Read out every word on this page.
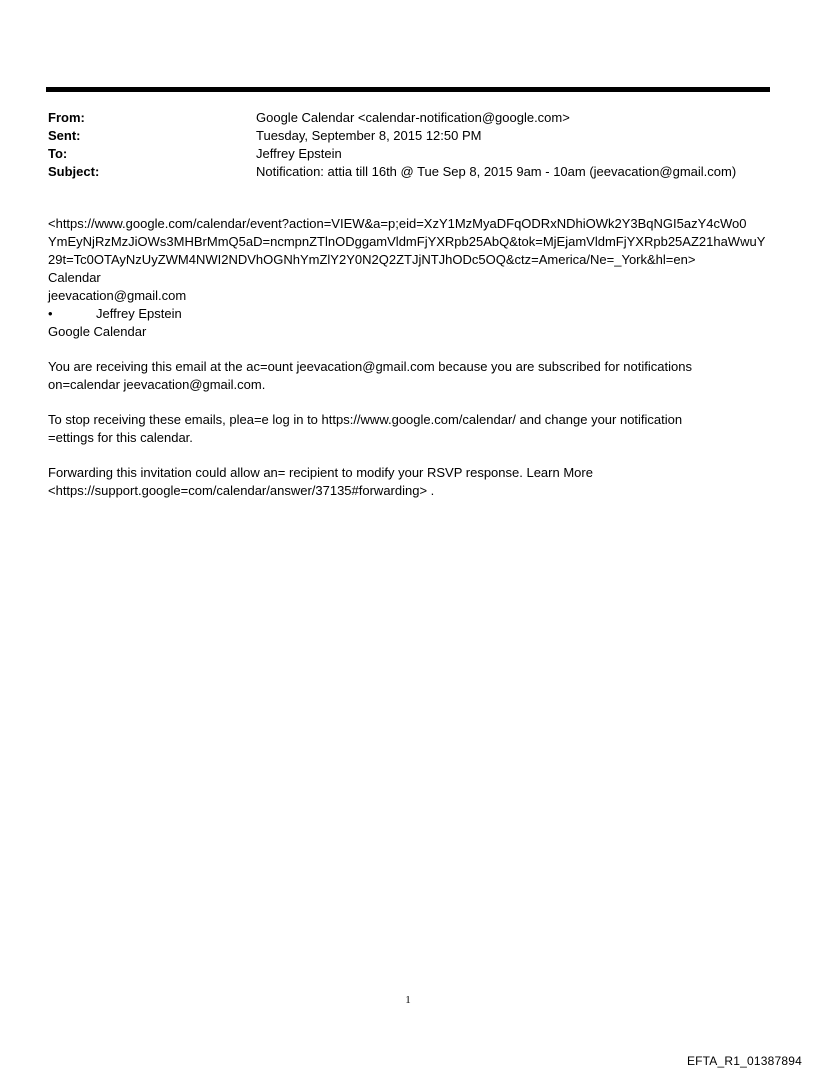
From:	Google Calendar <calendar-notification@google.com>
Sent:	Tuesday, September 8, 2015 12:50 PM
To:	Jeffrey Epstein
Subject:	Notification: attia till 16th @ Tue Sep 8, 2015 9am - 10am (jeevacation@gmail.com)

<https://www.google.com/calendar/event?action=VIEW&a=p;eid=XzY1MzMyaDFqODRxNDhiOWk2Y3BqNGI5azY4cWo0

YmEyNjRzMzJiOWs3MHBrMmQ5aD=ncmpnZTlnODggamVldmFjYXRpb25AbQ&tok=MjEjamVldmFjYXRpb25AZ21haWwuY

29t=Tc0OTAyNzUyZWM4NWI2NDVhOGNhYmZlY2Y0N2Q2ZTJjNTJhODc5OQ&ctz=America/Ne=_York&hl=en>

Calendar

jeevacation@gmail.com

•	Jeffrey Epstein

Google Calendar

You are receiving this email at the ac=ount jeevacation@gmail.com because you are subscribed for notifications

on=calendar jeevacation@gmail.com.

To stop receiving these emails, plea=e log in to https://www.google.com/calendar/ and change your notification

=ettings for this calendar.

Forwarding this invitation could allow an= recipient to modify your RSVP response. Learn More

<https://support.google=com/calendar/answer/37135#forwarding> .

1
EFTA_R1_01387894
